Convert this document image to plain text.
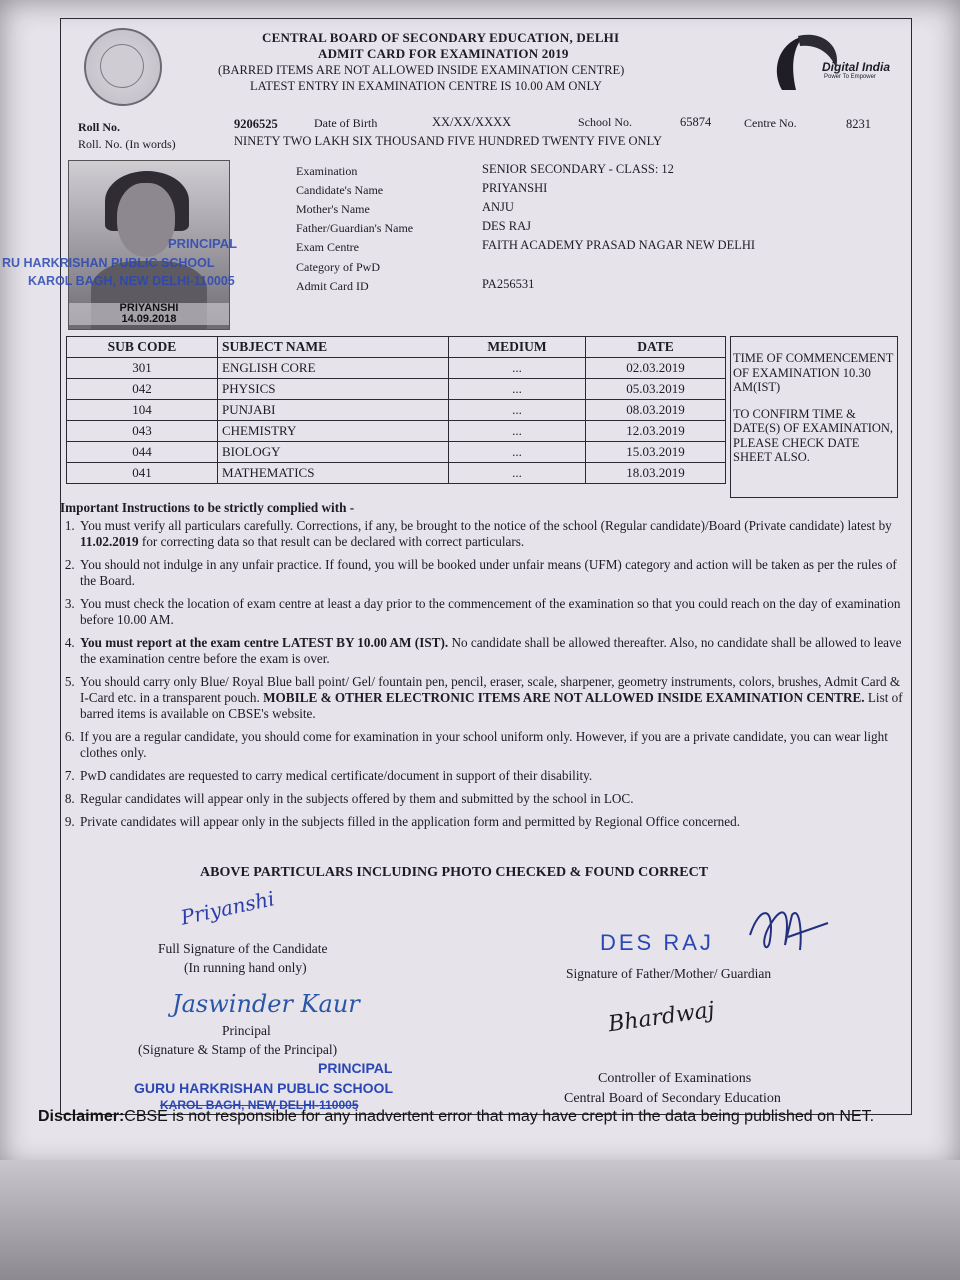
CENTRAL BOARD OF SECONDARY EDUCATION, DELHI
ADMIT CARD FOR EXAMINATION 2019
(BARRED ITEMS ARE NOT ALLOWED INSIDE EXAMINATION CENTRE)
LATEST ENTRY IN EXAMINATION CENTRE IS 10.00 AM ONLY
Digital India
Power To Empower
Roll No.	9206525	Date of Birth	XX/XX/XXXX	School No.	65874	Centre No.	8231
Roll. No. (In words)	NINETY TWO LAKH SIX THOUSAND FIVE HUNDRED TWENTY FIVE ONLY
PRIYANSHI
14.09.2018
PRINCIPAL
RU HARKRISHAN PUBLIC SCHOOL
KAROL BAGH, NEW DELHI-110005
Examination	SENIOR SECONDARY - CLASS: 12
Candidate's Name	PRIYANSHI
Mother's Name	ANJU
Father/Guardian's Name	DES RAJ
Exam Centre	FAITH ACADEMY PRASAD NAGAR NEW DELHI
Category of PwD
Admit Card ID	PA256531
SUB CODE	SUBJECT NAME	MEDIUM	DATE
301	ENGLISH CORE	...	02.03.2019
042	PHYSICS	...	05.03.2019
104	PUNJABI	...	08.03.2019
043	CHEMISTRY	...	12.03.2019
044	BIOLOGY	...	15.03.2019
041	MATHEMATICS	...	18.03.2019
TIME OF COMMENCEMENT OF EXAMINATION 10.30 AM(IST)
TO CONFIRM TIME & DATE(S) OF EXAMINATION, PLEASE CHECK DATE SHEET ALSO.
Important Instructions to be strictly complied with -
1. You must verify all particulars carefully. Corrections, if any, be brought to the notice of the school (Regular candidate)/Board (Private candidate) latest by 11.02.2019 for correcting data so that result can be declared with correct particulars.
2. You should not indulge in any unfair practice. If found, you will be booked under unfair means (UFM) category and action will be taken as per the rules of the Board.
3. You must check the location of exam centre at least a day prior to the commencement of the examination so that you could reach on the day of examination before 10.00 AM.
4. You must report at the exam centre LATEST BY 10.00 AM (IST). No candidate shall be allowed thereafter. Also, no candidate shall be allowed to leave the examination centre before the exam is over.
5. You should carry only Blue/ Royal Blue ball point/ Gel/ fountain pen, pencil, eraser, scale, sharpener, geometry instruments, colors, brushes, Admit Card & I-Card etc. in a transparent pouch. MOBILE & OTHER ELECTRONIC ITEMS ARE NOT ALLOWED INSIDE EXAMINATION CENTRE. List of barred items is available on CBSE's website.
6. If you are a regular candidate, you should come for examination in your school uniform only. However, if you are a private candidate, you can wear light clothes only.
7. PwD candidates are requested to carry medical certificate/document in support of their disability.
8. Regular candidates will appear only in the subjects offered by them and submitted by the school in LOC.
9. Private candidates will appear only in the subjects filled in the application form and permitted by Regional Office concerned.
ABOVE PARTICULARS INCLUDING PHOTO CHECKED & FOUND CORRECT
Priyanshi
Full Signature of the Candidate
(In running hand only)
DES RAJ
Signature of Father/Mother/ Guardian
Jaswinder Kaur
Principal
(Signature & Stamp of the Principal)
PRINCIPAL
GURU HARKRISHAN PUBLIC SCHOOL
KAROL BAGH, NEW DELHI-110005
Bhardwaj
Controller of Examinations
Central Board of Secondary Education
Disclaimer:CBSE is not responsible for any inadvertent error that may have crept in the data being published on NET.
